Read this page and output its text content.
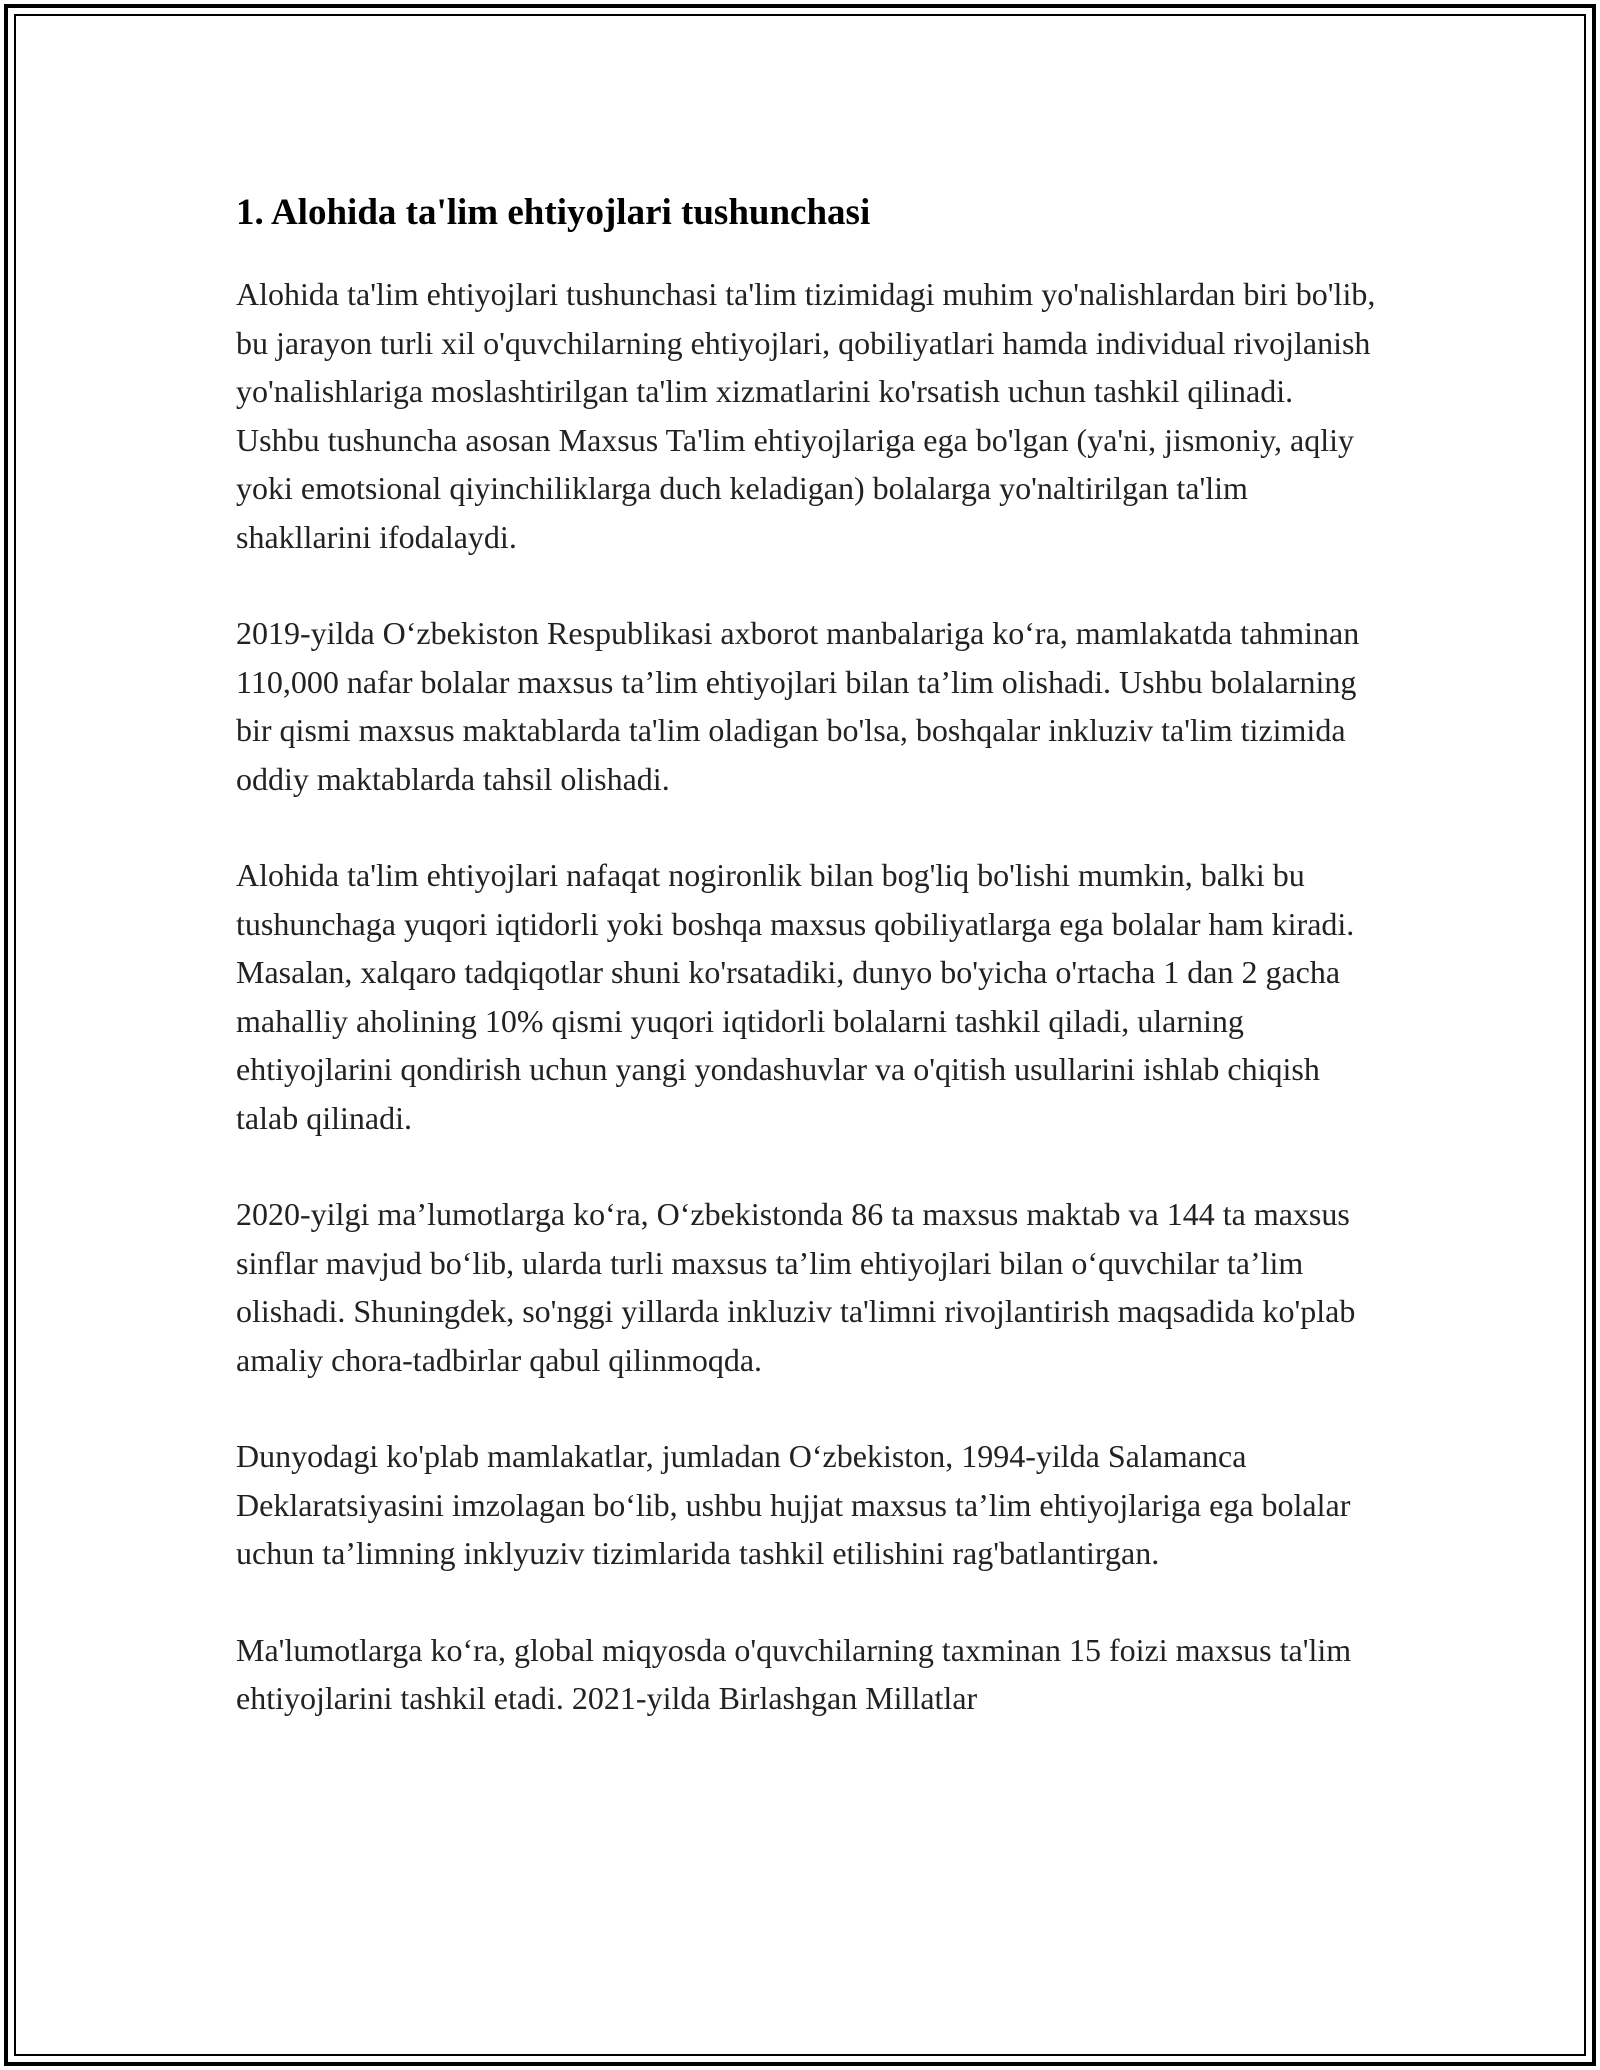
1. Alohida ta'lim ehtiyojlari tushunchasi

Alohida ta'lim ehtiyojlari tushunchasi ta'lim tizimidagi muhim yo'nalishlardan biri bo'lib, bu jarayon turli xil o'quvchilarning ehtiyojlari, qobiliyatlari hamda individual rivojlanish yo'nalishlariga moslashtirilgan ta'lim xizmatlarini ko'rsatish uchun tashkil qilinadi. Ushbu tushuncha asosan Maxsus Ta'lim ehtiyojlariga ega bo'lgan (ya'ni, jismoniy, aqliy yoki emotsional qiyinchiliklarga duch keladigan) bolalarga yo'naltirilgan ta'lim shakllarini ifodalaydi.

2019-yilda O‘zbekiston Respublikasi axborot manbalariga ko‘ra, mamlakatda tahminan 110,000 nafar bolalar maxsus ta’lim ehtiyojlari bilan ta’lim olishadi. Ushbu bolalarning bir qismi maxsus maktablarda ta'lim oladigan bo'lsa, boshqalar inkluziv ta'lim tizimida oddiy maktablarda tahsil olishadi.

Alohida ta'lim ehtiyojlari nafaqat nogironlik bilan bog'liq bo'lishi mumkin, balki bu tushunchaga yuqori iqtidorli yoki boshqa maxsus qobiliyatlarga ega bolalar ham kiradi. Masalan, xalqaro tadqiqotlar shuni ko'rsatadiki, dunyo bo'yicha o'rtacha 1 dan 2 gacha mahalliy aholining 10% qismi yuqori iqtidorli bolalarni tashkil qiladi, ularning ehtiyojlarini qondirish uchun yangi yondashuvlar va o'qitish usullarini ishlab chiqish talab qilinadi.

2020-yilgi ma’lumotlarga ko‘ra, O‘zbekistonda 86 ta maxsus maktab va 144 ta maxsus sinflar mavjud bo‘lib, ularda turli maxsus ta’lim ehtiyojlari bilan o‘quvchilar ta’lim olishadi. Shuningdek, so'nggi yillarda inkluziv ta'limni rivojlantirish maqsadida ko'plab amaliy chora-tadbirlar qabul qilinmoqda.

Dunyodagi ko'plab mamlakatlar, jumladan O‘zbekiston, 1994-yilda Salamanca Deklaratsiyasini imzolagan bo‘lib, ushbu hujjat maxsus ta’lim ehtiyojlariga ega bolalar uchun ta’limning inklyuziv tizimlarida tashkil etilishini rag'batlantirgan.

Ma'lumotlarga ko‘ra, global miqyosda o'quvchilarning taxminan 15 foizi maxsus ta'lim ehtiyojlarini tashkil etadi. 2021-yilda Birlashgan Millatlar
